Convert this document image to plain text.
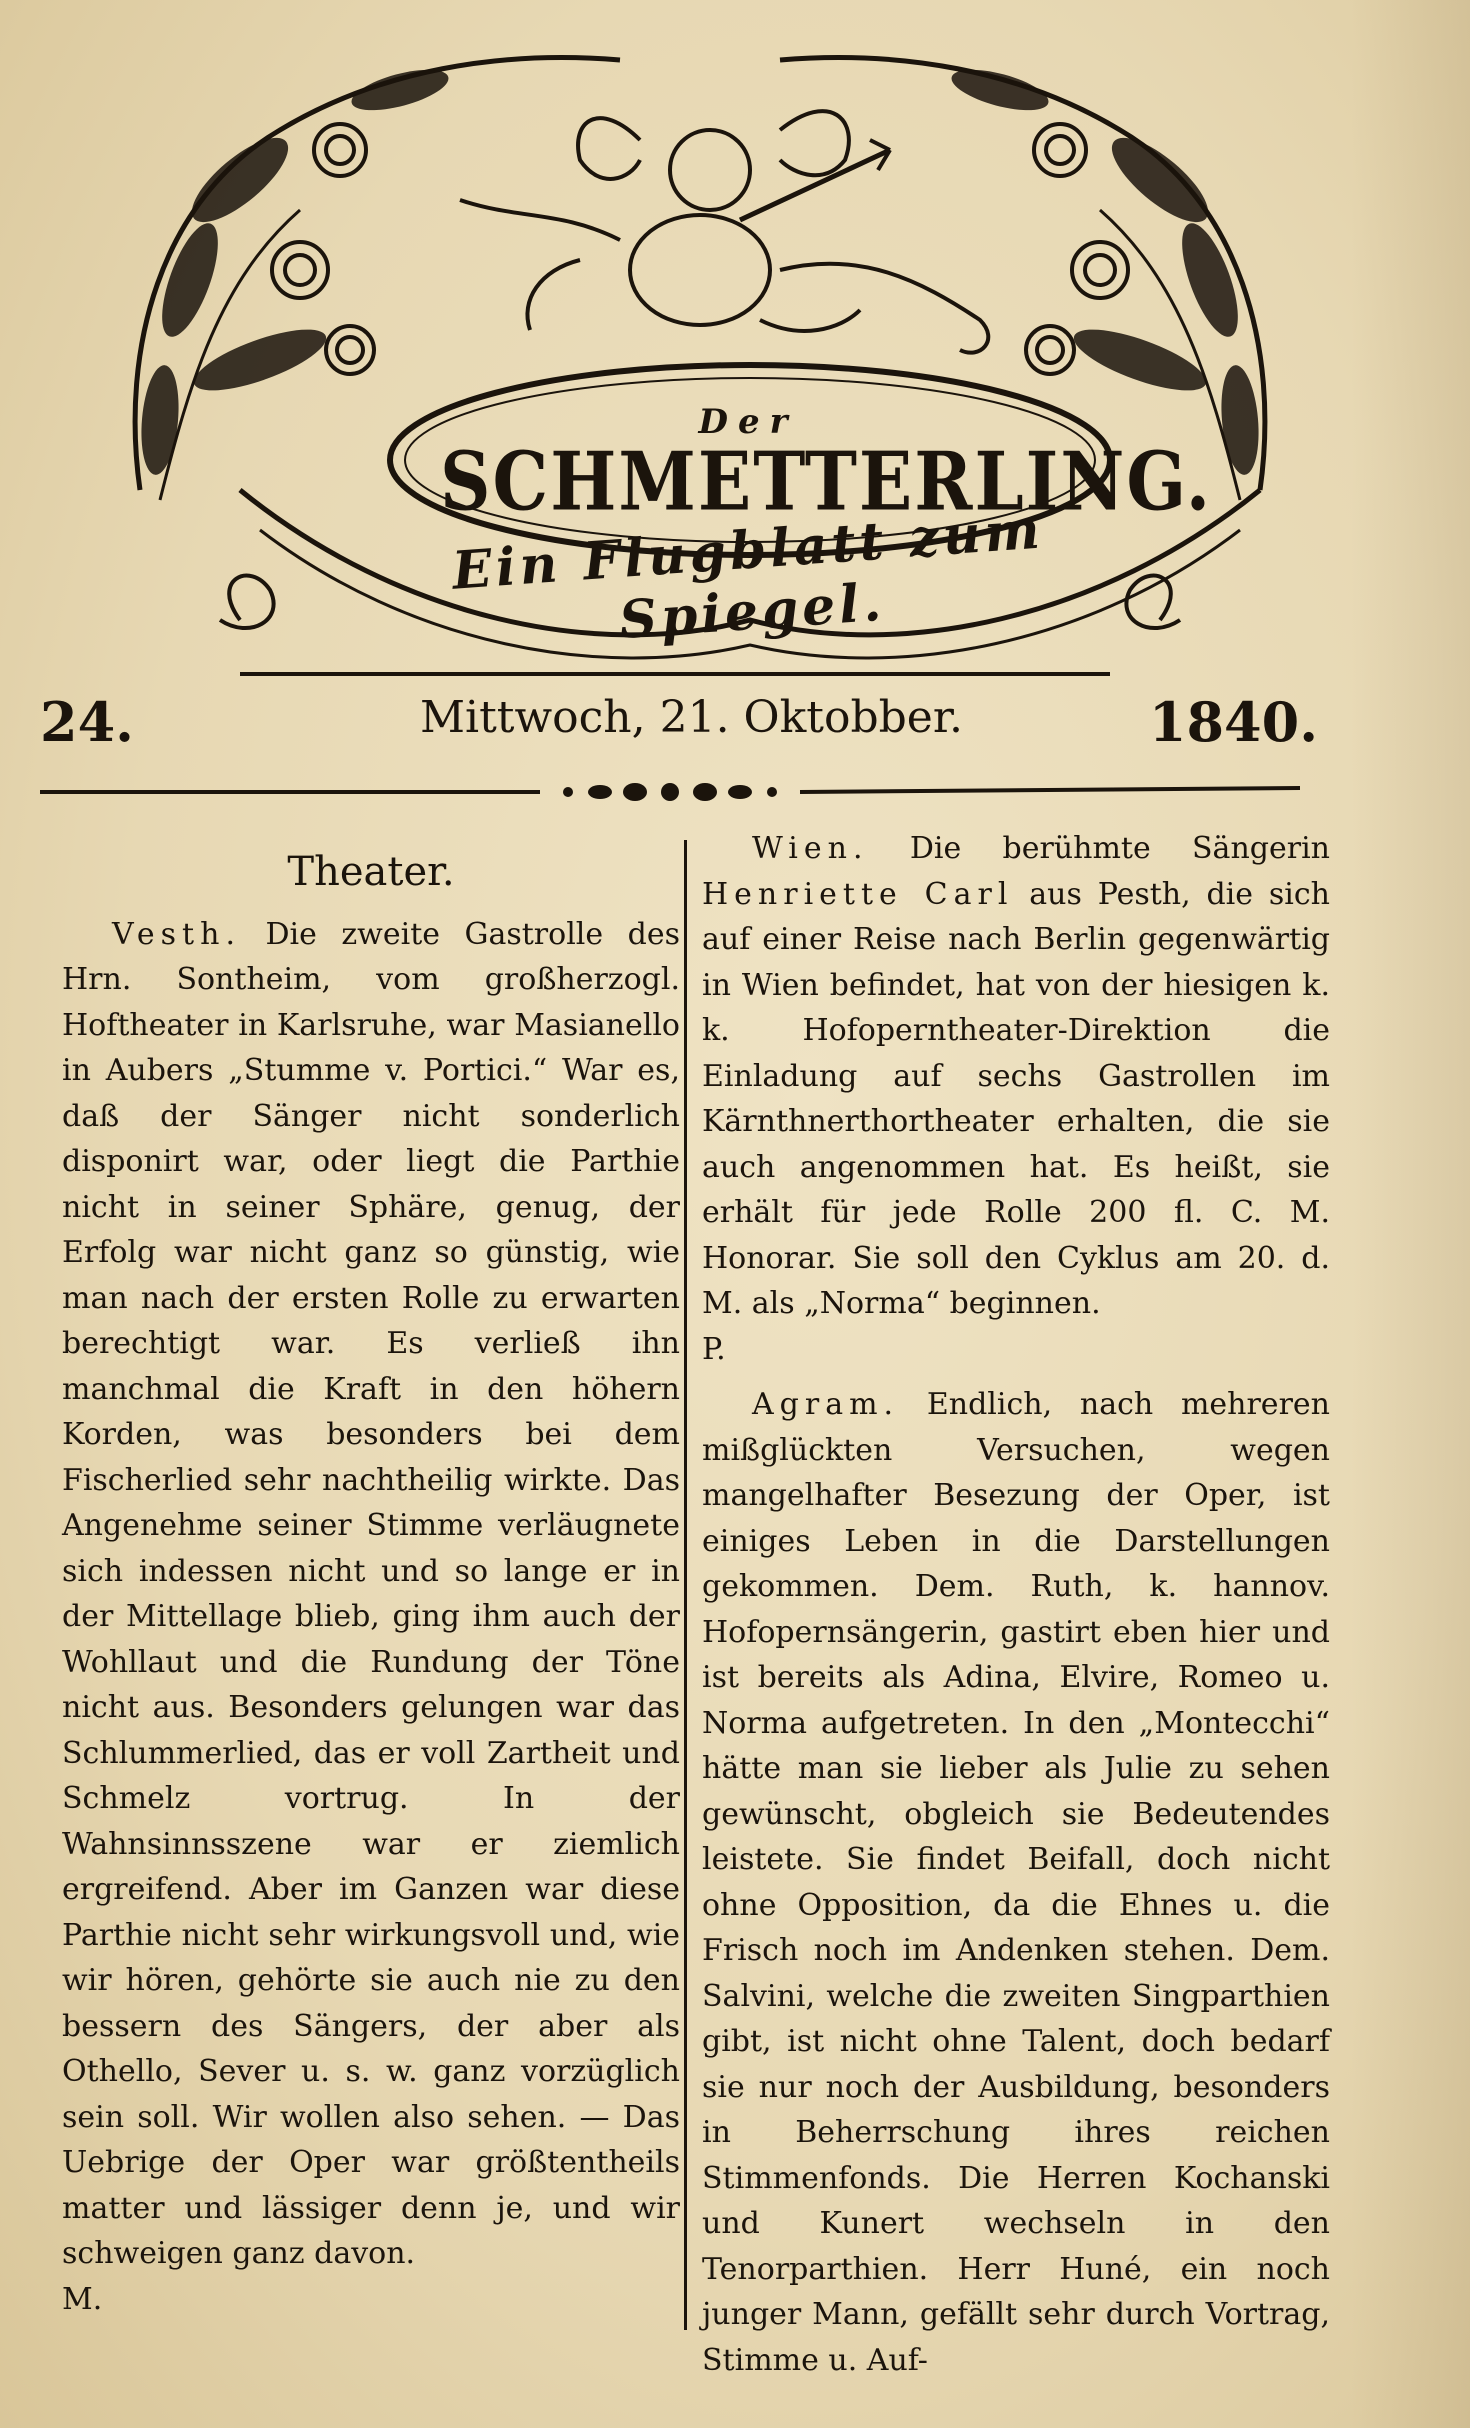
Der
SCHMETTERLING.
Ein Flugblatt zum Spiegel.
24.	Mittwoch, 21. Oktobber.	1840.
Theater.

Vesth. Die zweite Gastrolle des Hrn. Sontheim, vom großherzogl. Hoftheater in Karlsruhe, war Masianello in Aubers „Stumme v. Portici.“ War es, daß der Sänger nicht sonderlich disponirt war, oder liegt die Parthie nicht in seiner Sphäre, genug, der Erfolg war nicht ganz so günstig, wie man nach der ersten Rolle zu erwarten berechtigt war. Es verließ ihn manchmal die Kraft in den höhern Korden, was besonders bei dem Fischerlied sehr nachtheilig wirkte. Das Angenehme seiner Stimme verläugnete sich indessen nicht und so lange er in der Mittellage blieb, ging ihm auch der Wohllaut und die Rundung der Töne nicht aus. Besonders gelungen war das Schlummerlied, das er voll Zartheit und Schmelz vortrug. In der Wahnsinnsszene war er ziemlich ergreifend. Aber im Ganzen war diese Parthie nicht sehr wirkungsvoll und, wie wir hören, gehörte sie auch nie zu den bessern des Sängers, der aber als Othello, Sever u. s. w. ganz vorzüglich sein soll. Wir wollen also sehen. — Das Uebrige der Oper war größtentheils matter und lässiger denn je, und wir schweigen ganz davon.

M.

Wien. Die berühmte Sängerin Henriette Carl aus Pesth, die sich auf einer Reise nach Berlin gegenwärtig in Wien befindet, hat von der hiesigen k. k. Hofoperntheater-Direktion die Einladung auf sechs Gastrollen im Kärnthnerthortheater erhalten, die sie auch angenommen hat. Es heißt, sie erhält für jede Rolle 200 fl. C. M. Honorar. Sie soll den Cyklus am 20. d. M. als „Norma“ beginnen.

P.

Agram. Endlich, nach mehreren mißglückten Versuchen, wegen mangelhafter Besezung der Oper, ist einiges Leben in die Darstellungen gekommen. Dem. Ruth, k. hannov. Hofopernsängerin, gastirt eben hier und ist bereits als Adina, Elvire, Romeo u. Norma aufgetreten. In den „Montecchi“ hätte man sie lieber als Julie zu sehen gewünscht, obgleich sie Bedeutendes leistete. Sie findet Beifall, doch nicht ohne Opposition, da die Ehnes u. die Frisch noch im Andenken stehen. Dem. Salvini, welche die zweiten Singparthien gibt, ist nicht ohne Talent, doch bedarf sie nur noch der Ausbildung, besonders in Beherrschung ihres reichen Stimmenfonds. Die Herren Kochanski und Kunert wechseln in den Tenorparthien. Herr Huné, ein noch junger Mann, gefällt sehr durch Vortrag, Stimme u. Auf-
